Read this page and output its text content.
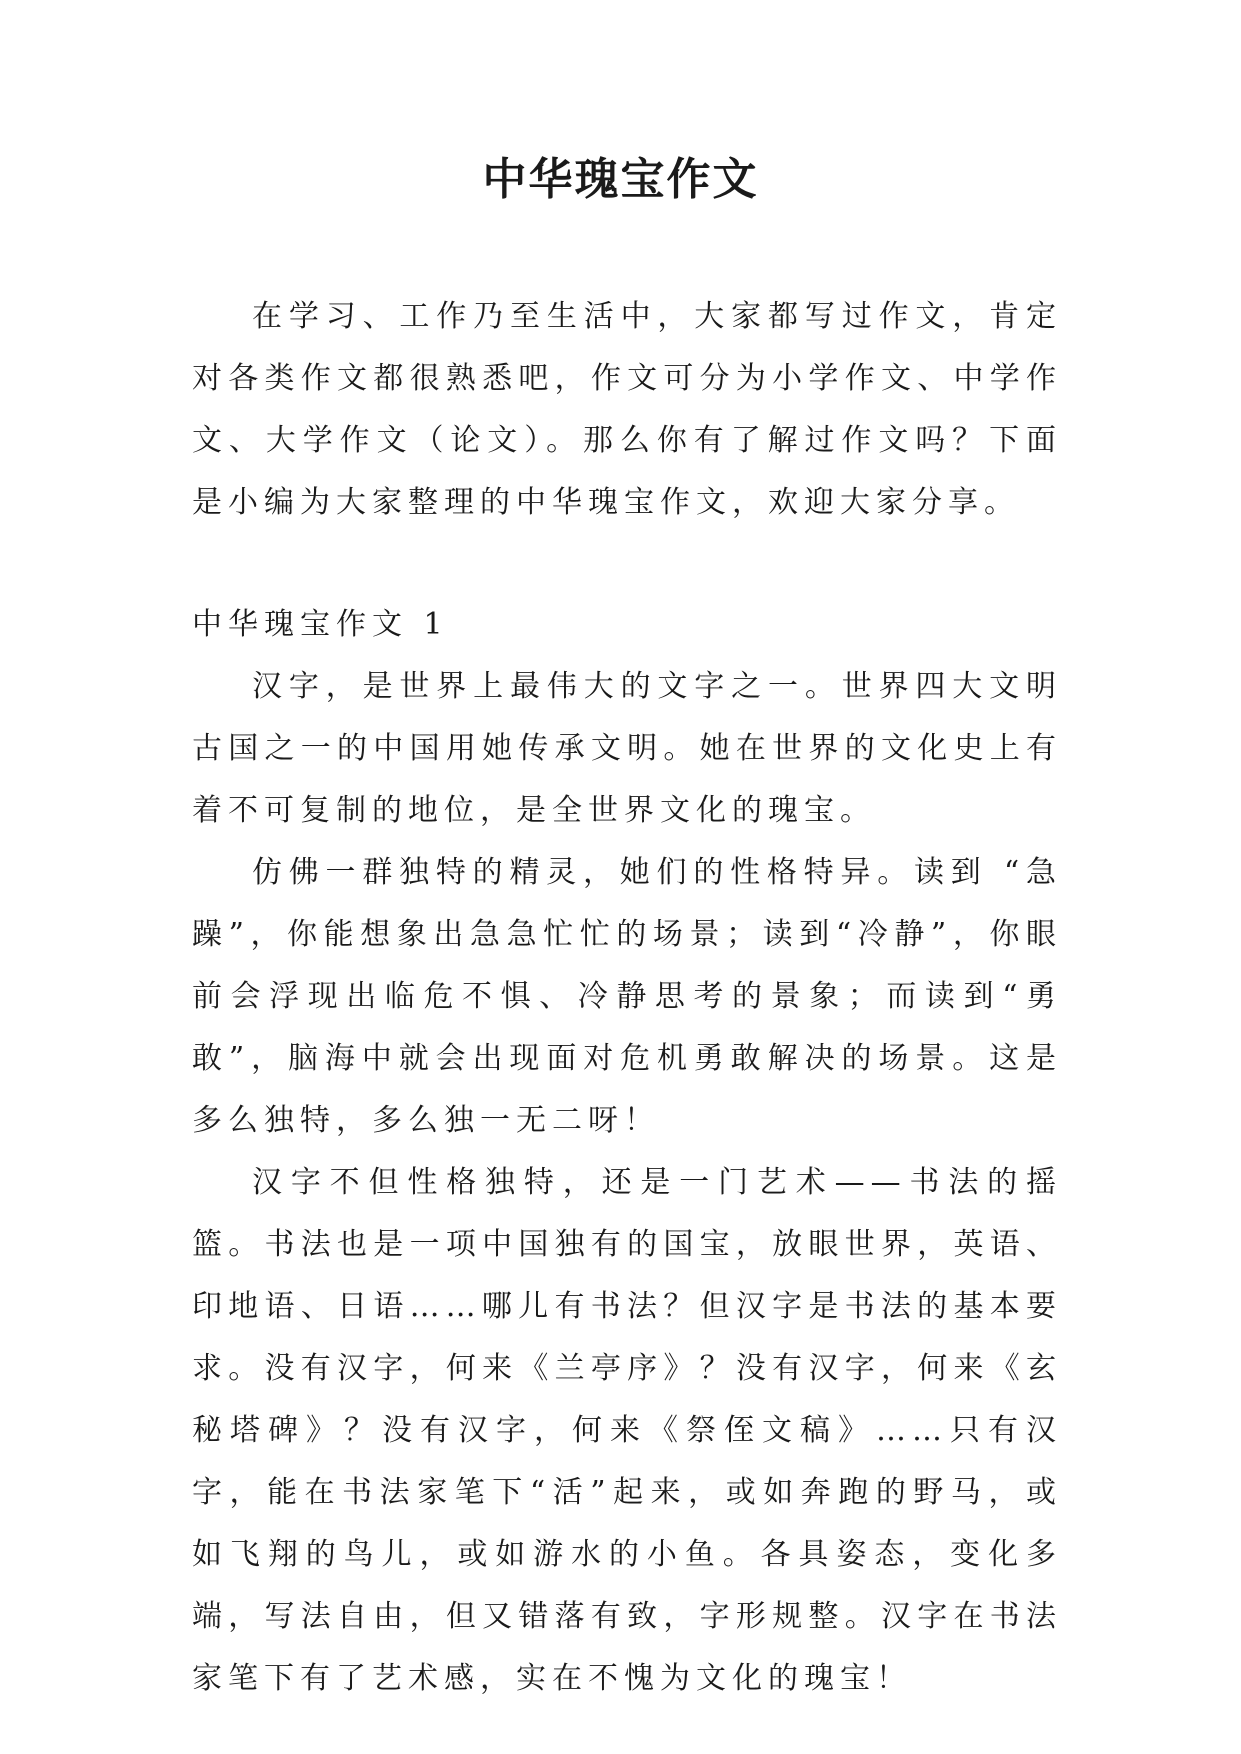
中华瑰宝作文

在学习、工作乃至生活中，大家都写过作文，肯定对各类作文都很熟悉吧，作文可分为小学作文、中学作文、大学作文（论文）。那么你有了解过作文吗？下面是小编为大家整理的中华瑰宝作文，欢迎大家分享。

中华瑰宝作文 1

汉字，是世界上最伟大的文字之一。世界四大文明古国之一的中国用她传承文明。她在世界的文化史上有着不可复制的地位，是全世界文化的瑰宝。

仿佛一群独特的精灵，她们的性格特异。读到 “急躁”，你能想象出急急忙忙的场景；读到“冷静”，你眼前会浮现出临危不惧、冷静思考的景象；而读到“勇敢”，脑海中就会出现面对危机勇敢解决的场景。这是多么独特，多么独一无二呀！

汉字不但性格独特，还是一门艺术——书法的摇篮。书法也是一项中国独有的国宝，放眼世界，英语、印地语、日语……哪儿有书法？但汉字是书法的基本要求。没有汉字，何来《兰亭序》？没有汉字，何来《玄秘塔碑》？没有汉字，何来《祭侄文稿》……只有汉字，能在书法家笔下“活”起来，或如奔跑的野马，或如飞翔的鸟儿，或如游水的小鱼。各具姿态，变化多端，写法自由，但又错落有致，字形规整。汉字在书法家笔下有了艺术感，实在不愧为文化的瑰宝！
